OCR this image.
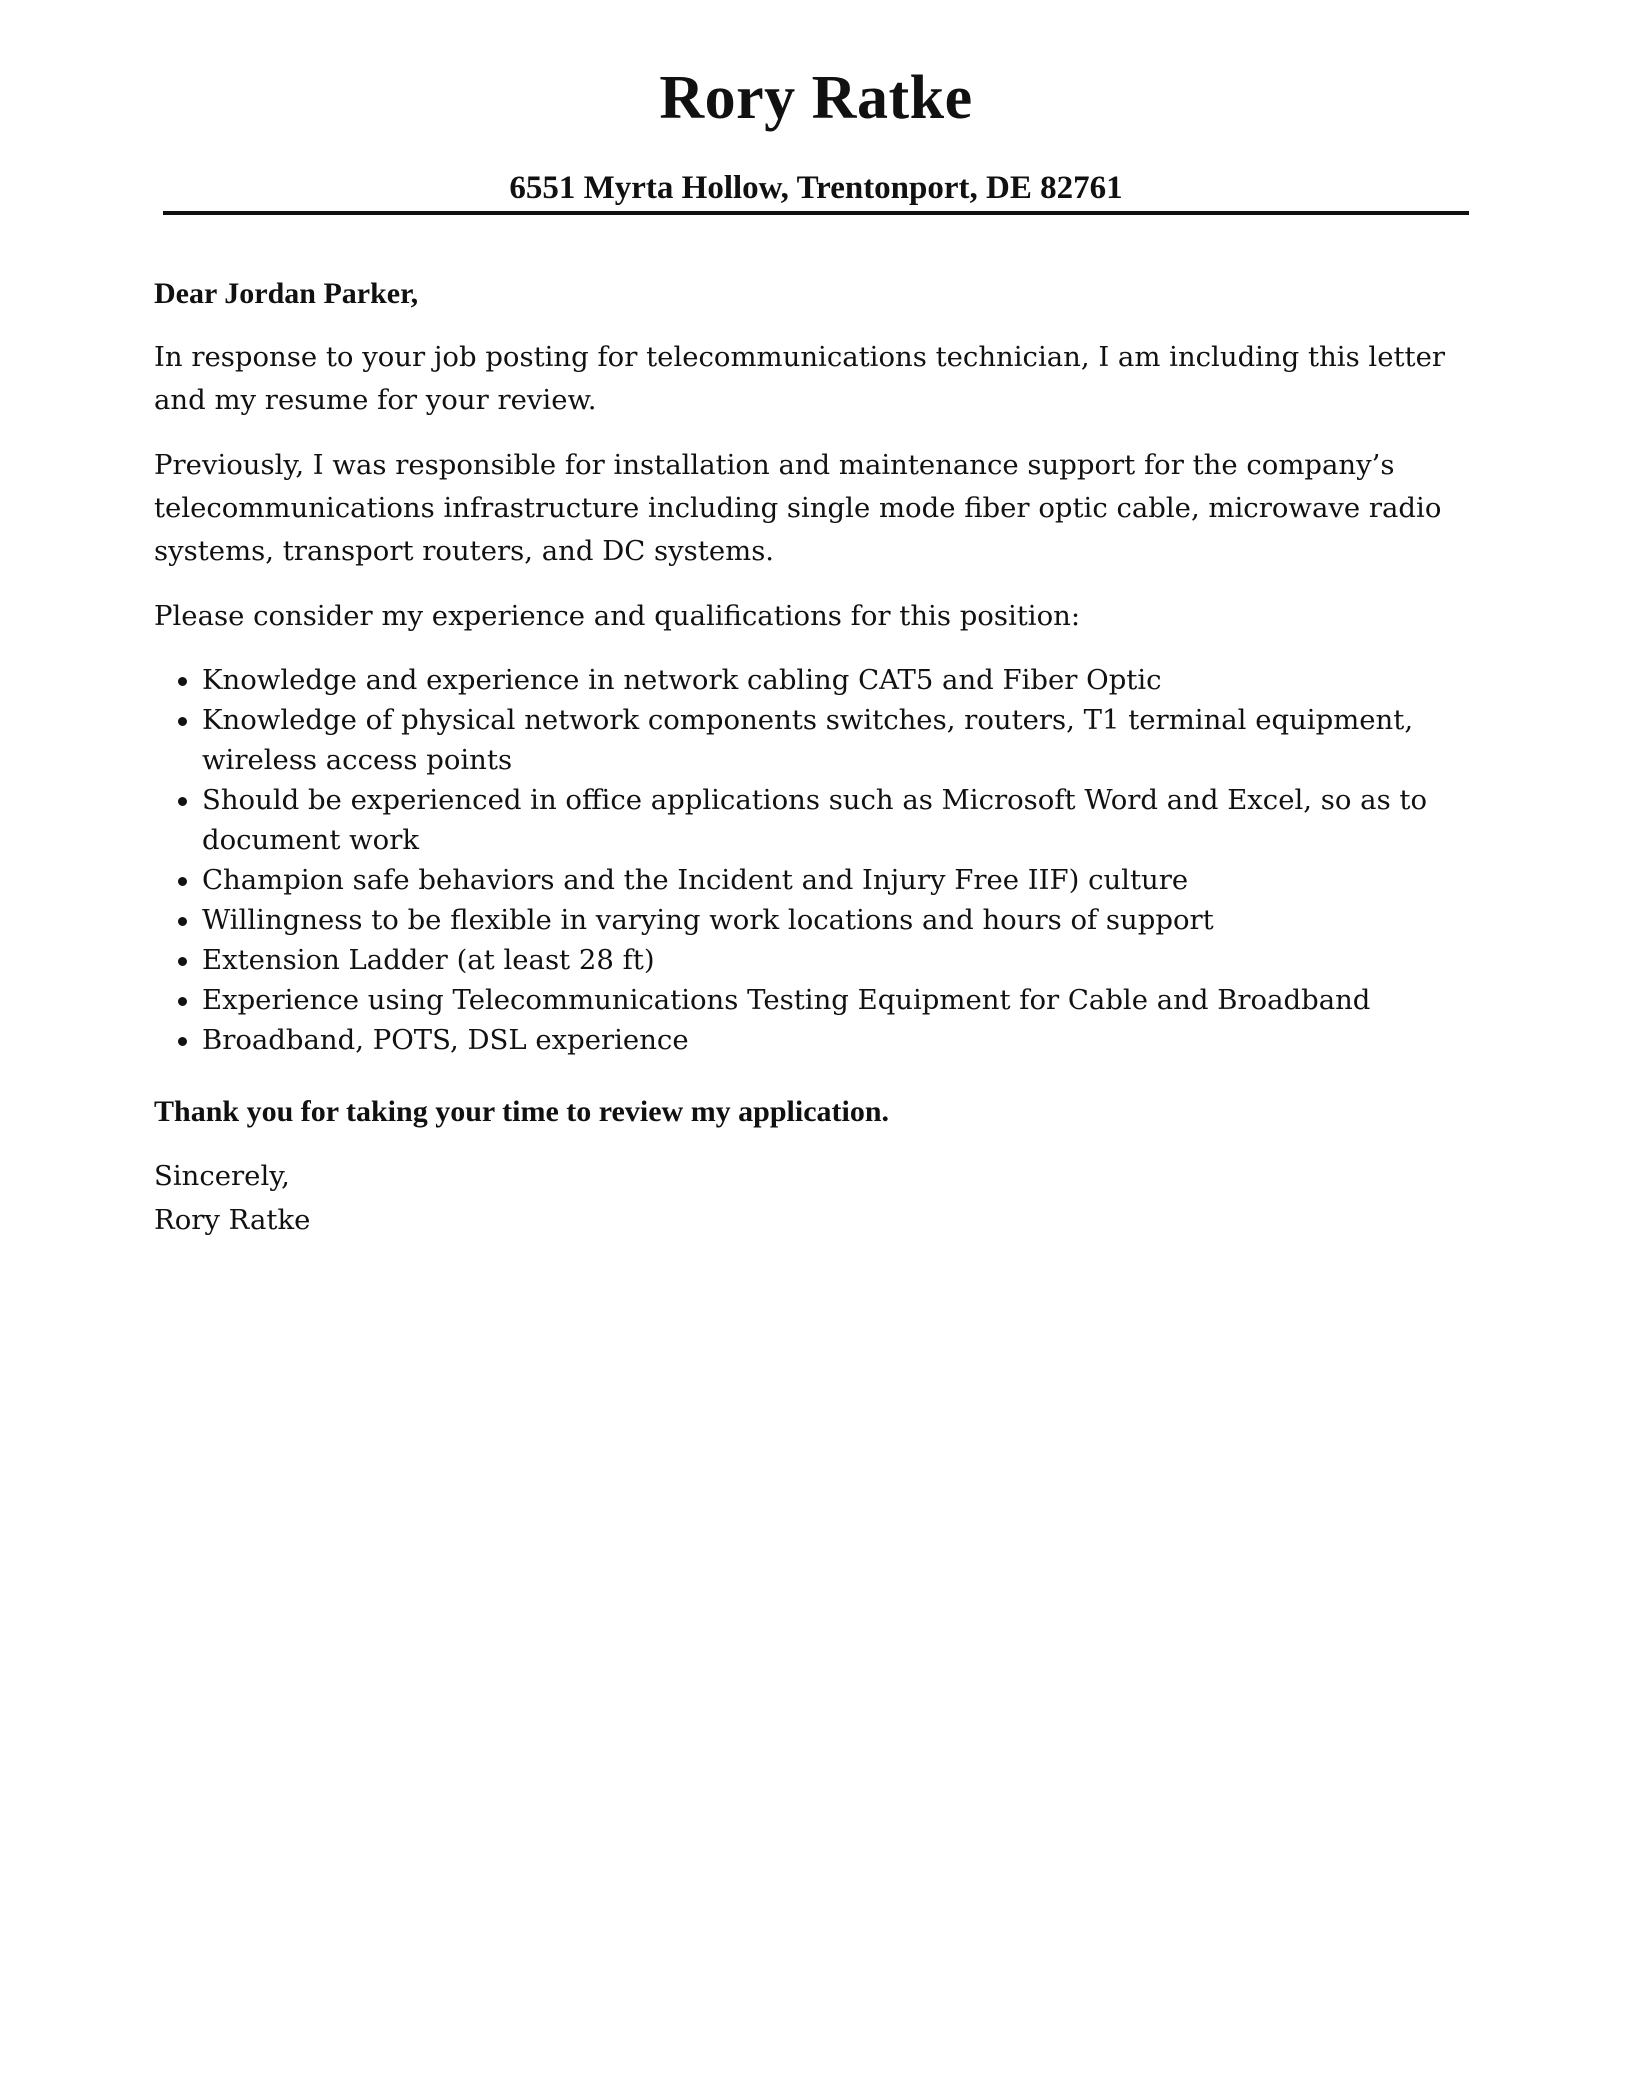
Rory Ratke
6551 Myrta Hollow, Trentonport, DE 82761

Dear Jordan Parker,

In response to your job posting for telecommunications technician, I am including this letter and my resume for your review.

Previously, I was responsible for installation and maintenance support for the company’s telecommunications infrastructure including single mode fiber optic cable, microwave radio systems, transport routers, and DC systems.

Please consider my experience and qualifications for this position:

Knowledge and experience in network cabling CAT5 and Fiber Optic
Knowledge of physical network components switches, routers, T1 terminal equipment, wireless access points
Should be experienced in office applications such as Microsoft Word and Excel, so as to document work
Champion safe behaviors and the Incident and Injury Free IIF) culture
Willingness to be flexible in varying work locations and hours of support
Extension Ladder (at least 28 ft)
Experience using Telecommunications Testing Equipment for Cable and Broadband
Broadband, POTS, DSL experience

Thank you for taking your time to review my application.

Sincerely,

Rory Ratke
